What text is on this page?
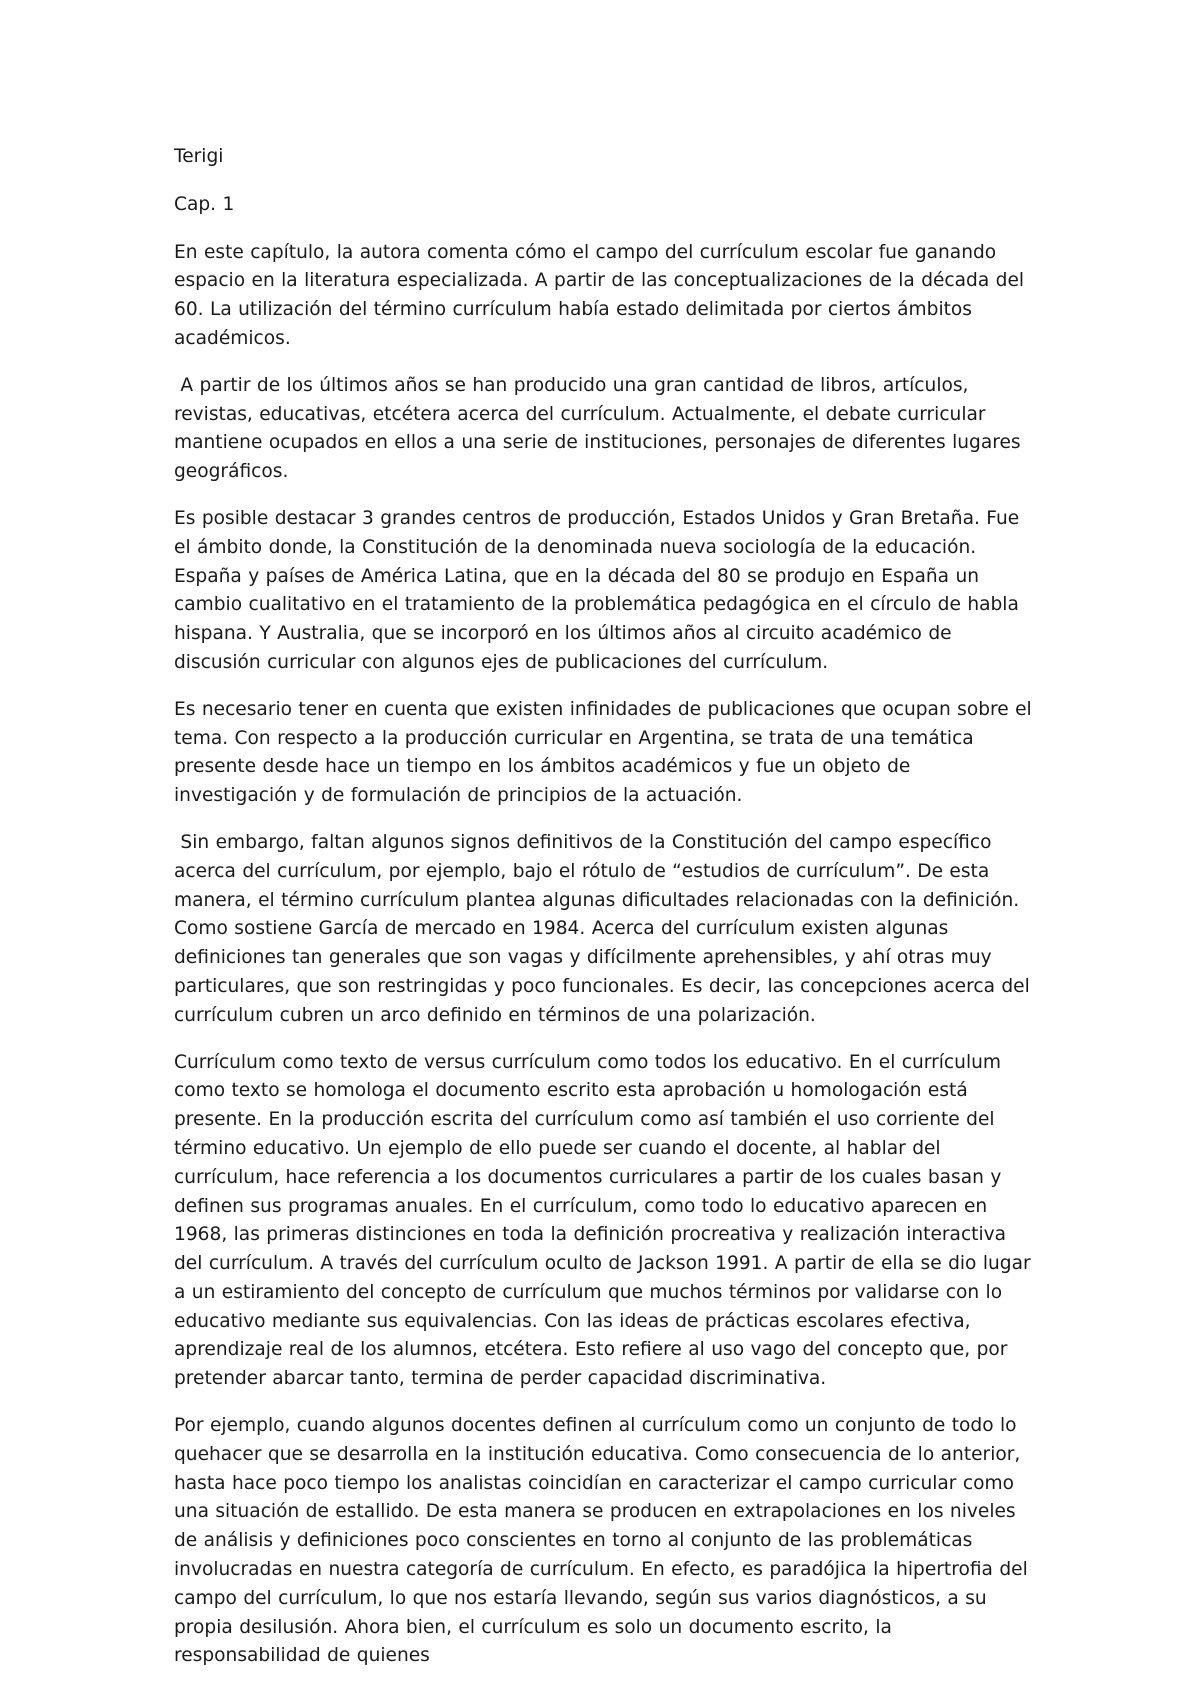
Terigi

Cap. 1

En este capítulo, la autora comenta cómo el campo del currículum escolar fue ganando espacio en la literatura especializada. A partir de las conceptualizaciones de la década del 60. La utilización del término currículum había estado delimitada por ciertos ámbitos académicos.

A partir de los últimos años se han producido una gran cantidad de libros, artículos, revistas, educativas, etcétera acerca del currículum. Actualmente, el debate curricular mantiene ocupados en ellos a una serie de instituciones, personajes de diferentes lugares geográficos.

Es posible destacar 3 grandes centros de producción, Estados Unidos y Gran Bretaña. Fue el ámbito donde, la Constitución de la denominada nueva sociología de la educación. España y países de América Latina, que en la década del 80 se produjo en España un cambio cualitativo en el tratamiento de la problemática pedagógica en el círculo de habla hispana. Y Australia, que se incorporó en los últimos años al circuito académico de discusión curricular con algunos ejes de publicaciones del currículum.

Es necesario tener en cuenta que existen infinidades de publicaciones que ocupan sobre el tema. Con respecto a la producción curricular en Argentina, se trata de una temática presente desde hace un tiempo en los ámbitos académicos y fue un objeto de investigación y de formulación de principios de la actuación.

Sin embargo, faltan algunos signos definitivos de la Constitución del campo específico acerca del currículum, por ejemplo, bajo el rótulo de “estudios de currículum”. De esta manera, el término currículum plantea algunas dificultades relacionadas con la definición. Como sostiene García de mercado en 1984. Acerca del currículum existen algunas definiciones tan generales que son vagas y difícilmente aprehensibles, y ahí otras muy particulares, que son restringidas y poco funcionales. Es decir, las concepciones acerca del currículum cubren un arco definido en términos de una polarización.

Currículum como texto de versus currículum como todos los educativo. En el currículum como texto se homologa el documento escrito esta aprobación u homologación está presente. En la producción escrita del currículum como así también el uso corriente del término educativo. Un ejemplo de ello puede ser cuando el docente, al hablar del currículum, hace referencia a los documentos curriculares a partir de los cuales basan y definen sus programas anuales. En el currículum, como todo lo educativo aparecen en 1968, las primeras distinciones en toda la definición procreativa y realización interactiva del currículum. A través del currículum oculto de Jackson 1991. A partir de ella se dio lugar a un estiramiento del concepto de currículum que muchos términos por validarse con lo educativo mediante sus equivalencias. Con las ideas de prácticas escolares efectiva, aprendizaje real de los alumnos, etcétera. Esto refiere al uso vago del concepto que, por pretender abarcar tanto, termina de perder capacidad discriminativa.

Por ejemplo, cuando algunos docentes definen al currículum como un conjunto de todo lo quehacer que se desarrolla en la institución educativa. Como consecuencia de lo anterior, hasta hace poco tiempo los analistas coincidían en caracterizar el campo curricular como una situación de estallido. De esta manera se producen en extrapolaciones en los niveles de análisis y definiciones poco conscientes en torno al conjunto de las problemáticas involucradas en nuestra categoría de currículum. En efecto, es paradójica la hipertrofia del campo del currículum, lo que nos estaría llevando, según sus varios diagnósticos, a su propia desilusión. Ahora bien, el currículum es solo un documento escrito, la responsabilidad de quienes
